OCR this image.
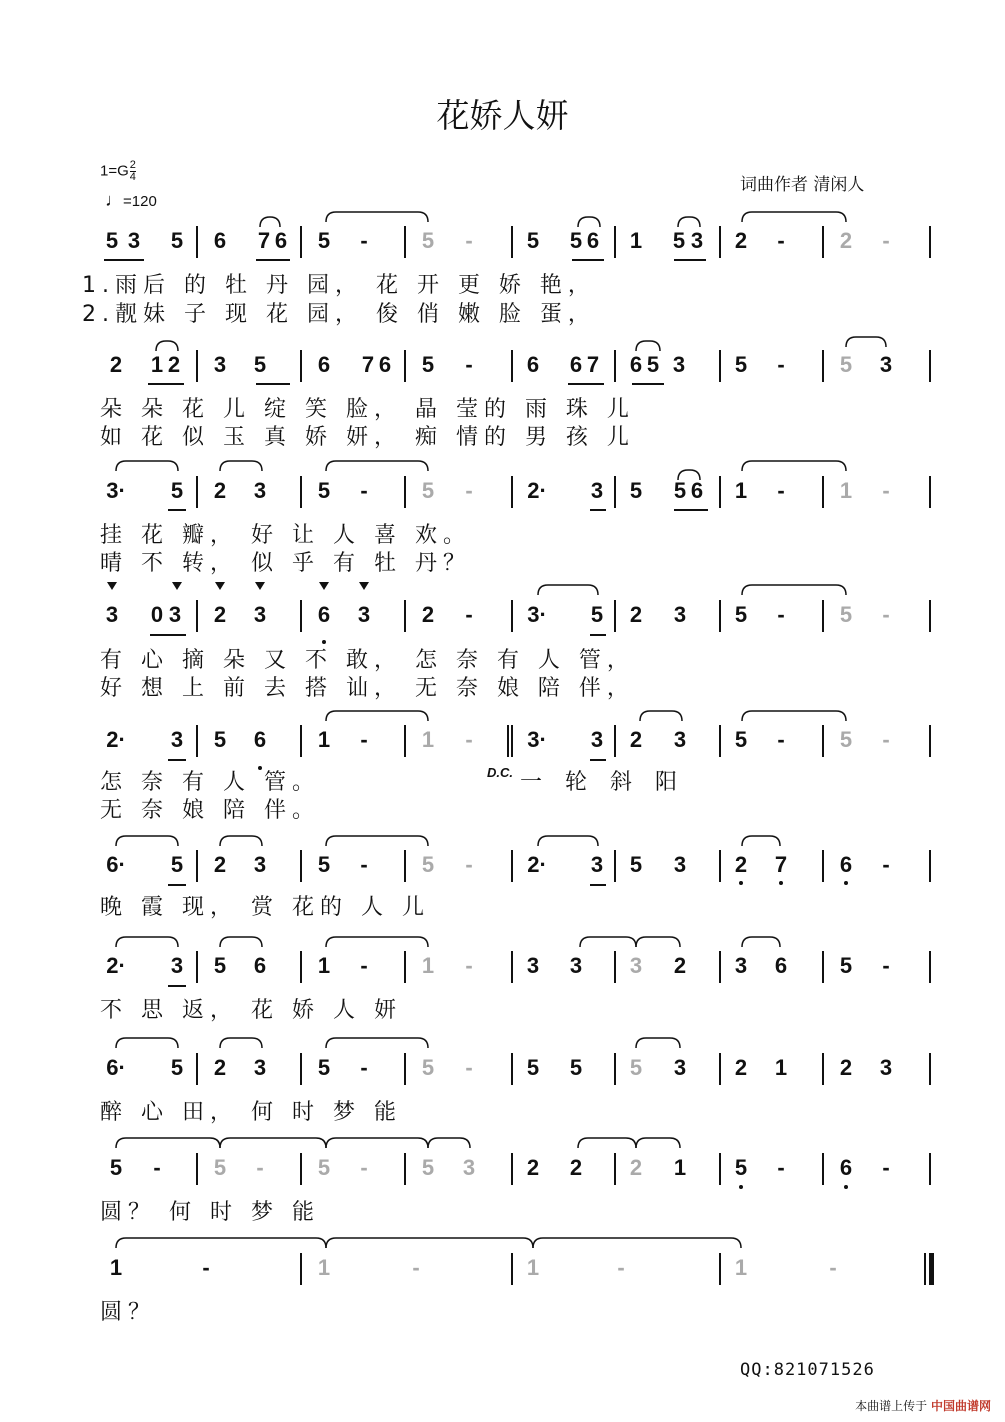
花娇人妍
$1=G \frac{2}{4}$
♩=120
词曲作者 清闲人
5 3 5 6 7 6 5 - 5 - 5 5 6 1 5 3 2 -	2 -
1.雨后 的 牡 丹 园， 花 开 更 娇 艳，
2.靓妹 子 现 花 园， 俊 俏 嫩 脸 蛋，
2 1 2 3 5 6 7 6 5 - 6 6 7 6 5 3 5 -	5 3
朵 朵 花 儿 绽 笑 脸， 晶 莹的 雨 珠 儿
如 花 似 玉 真 娇 妍， 痴 情的 男 孩 儿
3· 5 2 3 5 - 5 - 2· 3 5 5 6 1 -	1 -
挂 花 瓣， 好 让 人 喜 欢。
晴 不 转， 似 乎 有 牡 丹？
3 0 3 2 3 6 3 2 - 3· 5 2 3 5 -	5 -
有 心 摘 朵 又 不 敢， 怎 奈 有 人 管，
好 想 上 前 去 搭 讪， 无 奈 娘 陪 伴，
2· 3 5 6 1 - 1 - 3· 3 2 3 5 -	5 -
怎 奈 有 人 管。
无 奈 娘 陪 伴。
一 轮 斜 阳
6· 5 2 3 5 - 5 - 2· 3 5 3 2 7 6 -
晚 霞 现， 赏 花的 人 儿
2· 3 5 6 1 - 1 - 3 3 3 2 3 6 5 -
不 思 返， 花 娇 人 妍
6· 5 2 3 5 - 5 - 5 5 5 3 2 1 2 3
醉 心 田， 何 时 梦 能
5 - 5 - 5 - 5 3 2 2 2 1 5 -	6 -
圆？ 何 时 梦 能
1	-	1	-	1	-	1	-
圆？
D.C.
QQ:821071526
本曲谱上传于 中国曲谱网
